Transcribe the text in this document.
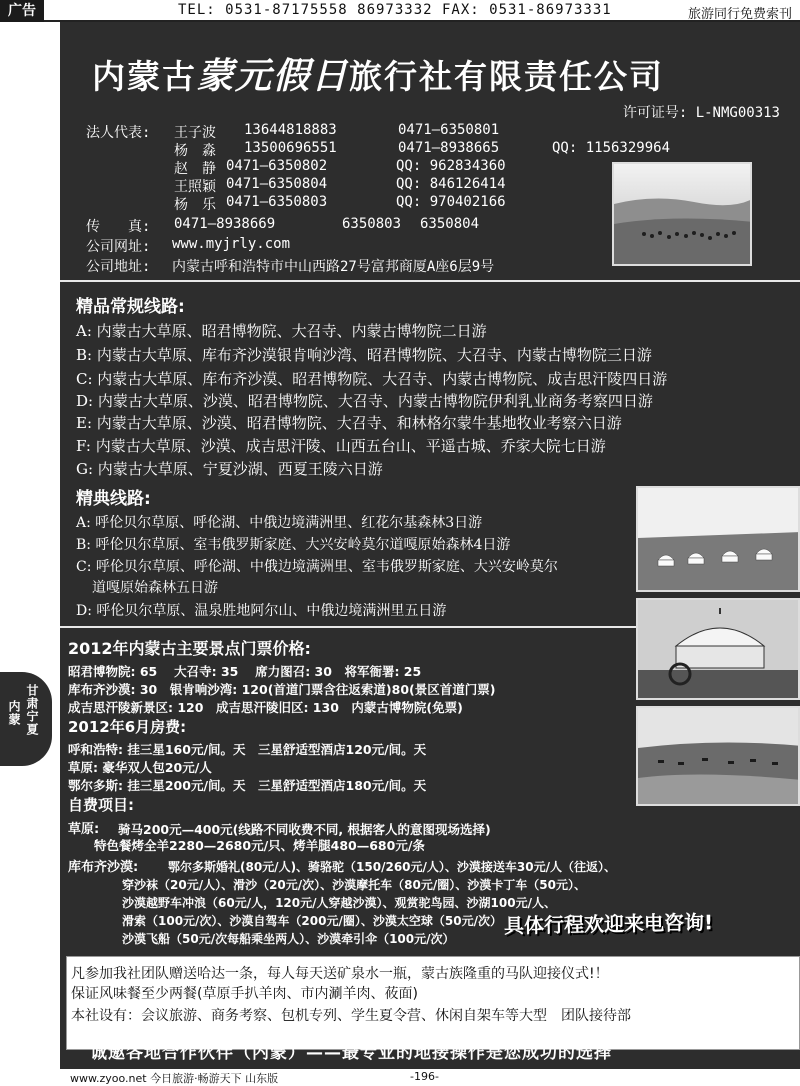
广告	TEL: 0531-87175558 86973332 FAX: 0531-86973331	旅游同行免费索刊
甘肃宁夏
内蒙
内蒙古蒙元假日旅行社有限责任公司
许可证号: L-NMG00313
法人代表: 王子波 13644818883	0471—6350801
杨　淼 13500696551	0471—8938665	QQ: 1156329964
赵　静 0471—6350802	QQ: 962834360
王照颖 0471—6350804	QQ: 846126414
杨　乐 0471—6350803	QQ: 970402166
传　　真: 0471—8938669	6350803 6350804
公司网址: www.myjrly.com
公司地址: 内蒙古呼和浩特市中山西路27号富邦商厦A座6层9号
精品常规线路:
A: 内蒙古大草原、昭君博物院、大召寺、内蒙古博物院二日游
B: 内蒙古大草原、库布齐沙漠银肯响沙湾、昭君博物院、大召寺、内蒙古博物院三日游
C: 内蒙古大草原、库布齐沙漠、昭君博物院、大召寺、内蒙古博物院、成吉思汗陵四日游
D: 内蒙古大草原、沙漠、昭君博物院、大召寺、内蒙古博物院伊利乳业商务考察四日游
E: 内蒙古大草原、沙漠、昭君博物院、大召寺、和林格尔蒙牛基地牧业考察六日游
F: 内蒙古大草原、沙漠、成吉思汗陵、山西五台山、平遥古城、乔家大院七日游
G: 内蒙古大草原、宁夏沙湖、西夏王陵六日游
精典线路:
A: 呼伦贝尔草原、呼伦湖、中俄边境满洲里、红花尔基森林3日游
B: 呼伦贝尔草原、室韦俄罗斯家庭、大兴安岭莫尔道嘎原始森林4日游
C: 呼伦贝尔草原、呼伦湖、中俄边境满洲里、室韦俄罗斯家庭、大兴安岭莫尔
道嘎原始森林五日游
D: 呼伦贝尔草原、温泉胜地阿尔山、中俄边境满洲里五日游
2012年内蒙古主要景点门票价格:
昭君博物院: 65　 大召寺: 35　 席力图召: 30　将军衙署: 25
库布齐沙漠: 30　银肯响沙湾: 120(首道门票含往返索道)80(景区首道门票)
成吉思汗陵新景区: 120　成吉思汗陵旧区: 130　内蒙古博物院(免票)
2012年6月房费:
呼和浩特: 挂三星160元/间。天　三星舒适型酒店120元/间。天
草原: 豪华双人包20元/人
鄂尔多斯: 挂三星200元/间。天　三星舒适型酒店180元/间。天
自费项目:
草原: 骑马200元—400元(线路不同收费不同, 根据客人的意图现场选择)
特色餐烤全羊2280—2680元/只、烤羊腿480—680元/条
库布齐沙漠: 鄂尔多斯婚礼(80元/人)、骑骆驼（150/260元/人）、沙漠接送车30元/人（往返）、
穿沙袜（20元/人）、滑沙（20元/次）、沙漠摩托车（80元/圈）、沙漠卡丁车（50元）、
沙漠越野车冲浪（60元/人，120元/人穿越沙漠）、观赏驼鸟园、沙湖100元/人、
滑索（100元/次）、沙漠自驾车（200元/圈）、沙漠太空球（50元/次）
沙漠飞船（50元/次每船乘坐两人）、沙漠牵引伞（100元/次）
凡参加我社团队赠送哈达一条，每人每天送矿泉水一瓶，蒙古族隆重的马队迎接仪式!！
保证风味餐至少两餐(草原手扒羊肉、市内涮羊肉、莜面)
本社设有：会议旅游、商务考察、包机专列、学生夏令营、休闲自架车等大型　团队接待部
诚邀各地合作伙伴（内蒙）——最专业的地接操作是您成功的选择
具体行程欢迎来电咨询!
www.zyoo.net 今日旅游·畅游天下 山东版	-196-
